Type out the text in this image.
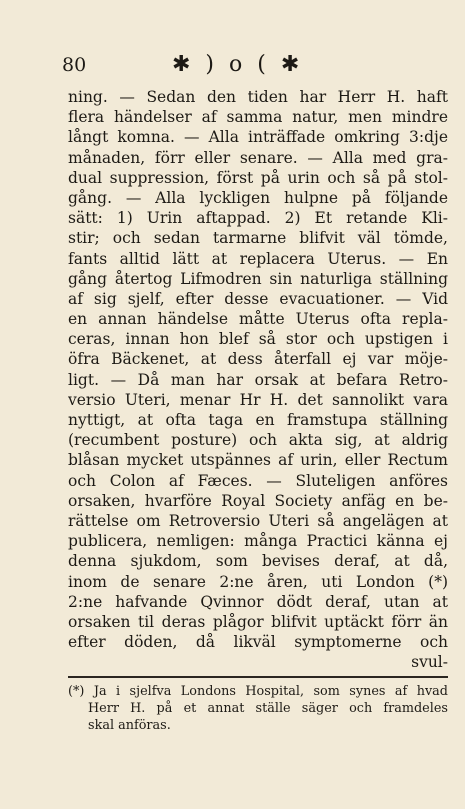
80	✱ ) o ( ✱
ning. — Sedan den tiden har Herr H. haft
flera händelser af samma natur, men mindre
långt komna. — Alla inträffade omkring 3:dje
månaden, förr eller senare. — Alla med gra-
dual suppression, först på urin och så på stol-
gång. — Alla lyckligen hulpne på följande
sätt: 1) Urin aftappad. 2) Et retande Kli-
stir; och sedan tarmarne blifvit väl tömde,
fants alltid lätt at replacera Uterus. — En
gång återtog Lifmodren sin naturliga ställning
af sig sjelf, efter desse evacuationer. — Vid
en annan händelse måtte Uterus ofta repla-
ceras, innan hon blef så stor och upstigen i
öfra Bäckenet, at dess återfall ej var möje-
ligt. — Då man har orsak at befara Retro-
versio Uteri, menar Hr H. det sannolikt vara
nyttigt, at ofta taga en framstupa ställning
(recumbent posture) och akta sig, at aldrig
blåsan mycket utspännes af urin, eller Rectum
och Colon af Fæces. — Sluteligen anföres
orsaken, hvarföre Royal Society anfäg en be-
rättelse om Retroversio Uteri så angelägen at
publicera, nemligen: många Practici känna ej
denna sjukdom, som bevises deraf, at då,
inom de senare 2:ne åren, uti London (*)
2:ne hafvande Qvinnor dödt deraf, utan at
orsaken til deras plågor blifvit uptäckt förr än
efter döden, då likväl symptomerne och
svul-
(*) Ja i sjelfva Londons Hospital, som synes af hvad
Herr H. på et annat ställe säger och framdeles
skal anföras.
